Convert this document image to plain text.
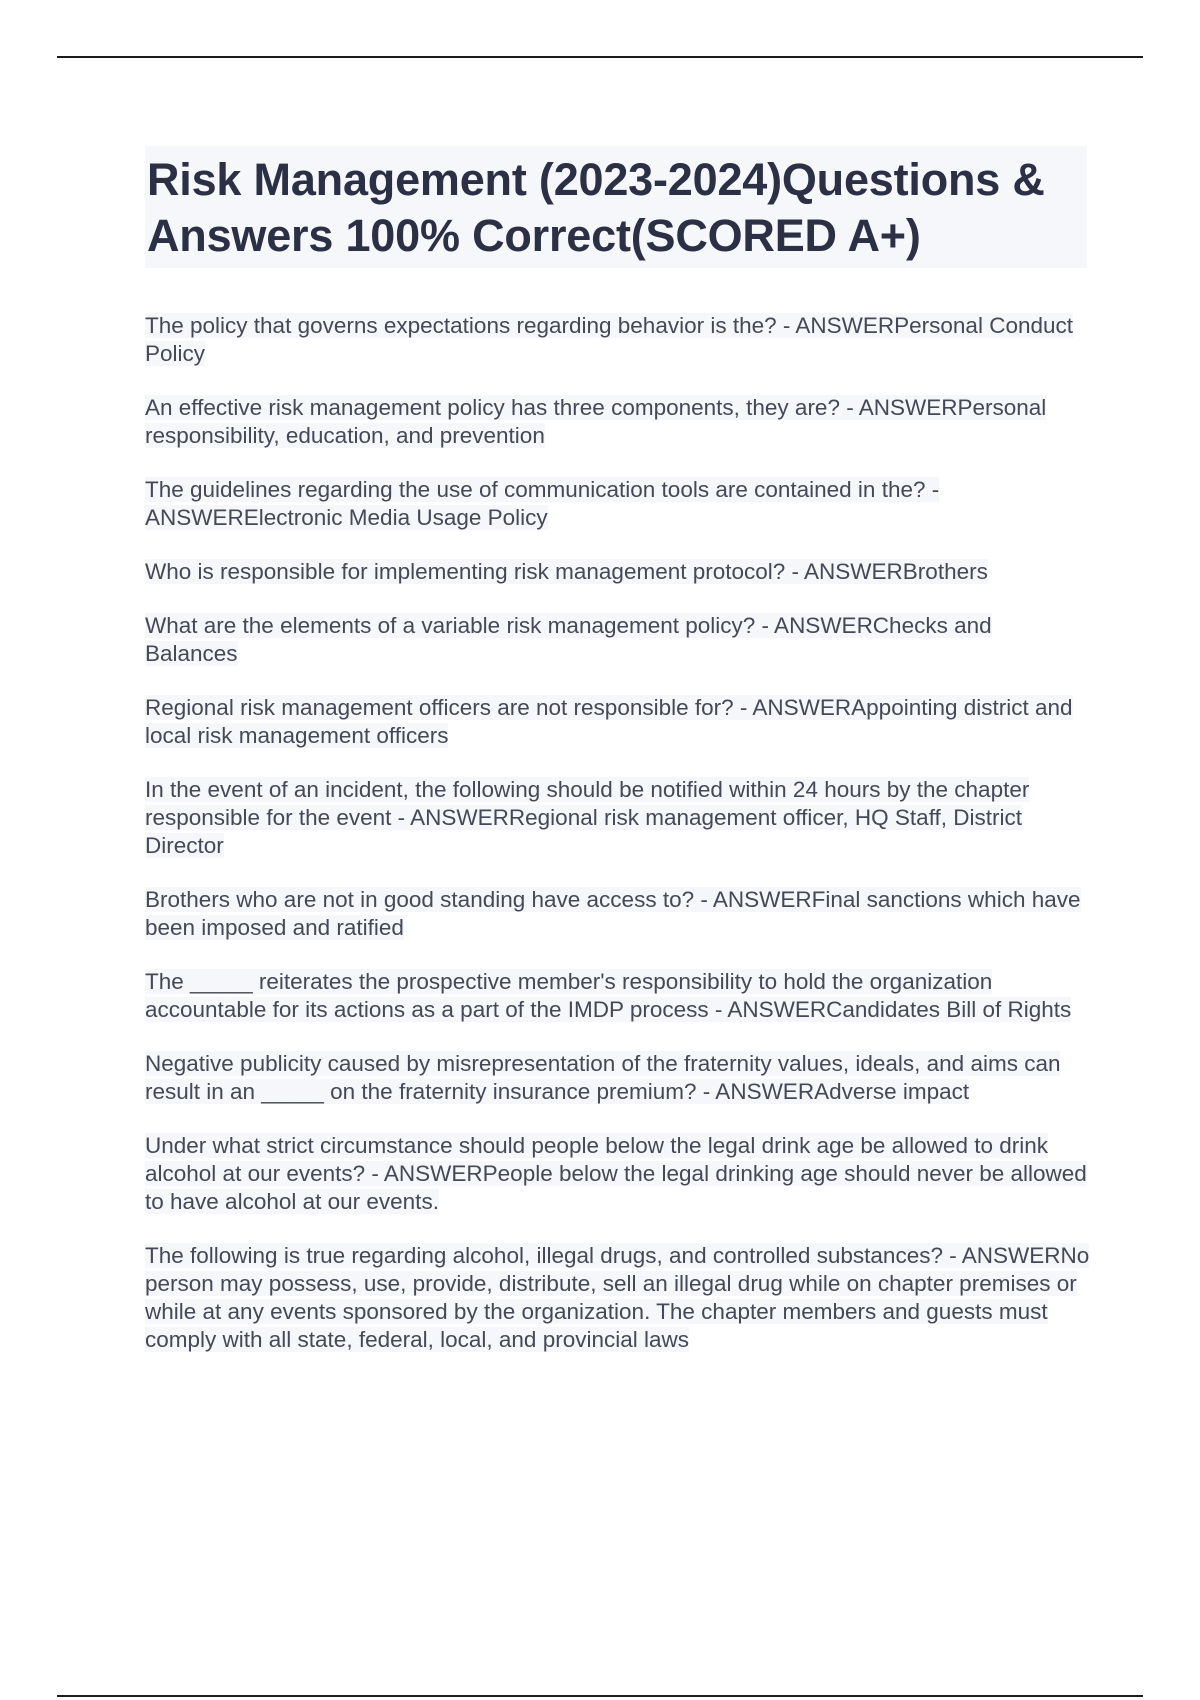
Risk Management (2023-2024)Questions & Answers 100% Correct(SCORED A+)

The policy that governs expectations regarding behavior is the? - ANSWERPersonal Conduct Policy

An effective risk management policy has three components, they are? - ANSWERPersonal responsibility, education, and prevention

The guidelines regarding the use of communication tools are contained in the? - ANSWERElectronic Media Usage Policy

Who is responsible for implementing risk management protocol? - ANSWERBrothers

What are the elements of a variable risk management policy? - ANSWERChecks and Balances

Regional risk management officers are not responsible for? - ANSWERAppointing district and local risk management officers

In the event of an incident, the following should be notified within 24 hours by the chapter responsible for the event - ANSWERRegional risk management officer, HQ Staff, District Director

Brothers who are not in good standing have access to? - ANSWERFinal sanctions which have been imposed and ratified

The _____ reiterates the prospective member's responsibility to hold the organization accountable for its actions as a part of the IMDP process - ANSWERCandidates Bill of Rights

Negative publicity caused by misrepresentation of the fraternity values, ideals, and aims can result in an _____ on the fraternity insurance premium? - ANSWERAdverse impact

Under what strict circumstance should people below the legal drink age be allowed to drink alcohol at our events? - ANSWERPeople below the legal drinking age should never be allowed to have alcohol at our events.

The following is true regarding alcohol, illegal drugs, and controlled substances? - ANSWERNo person may possess, use, provide, distribute, sell an illegal drug while on chapter premises or while at any events sponsored by the organization. The chapter members and guests must comply with all state, federal, local, and provincial laws
